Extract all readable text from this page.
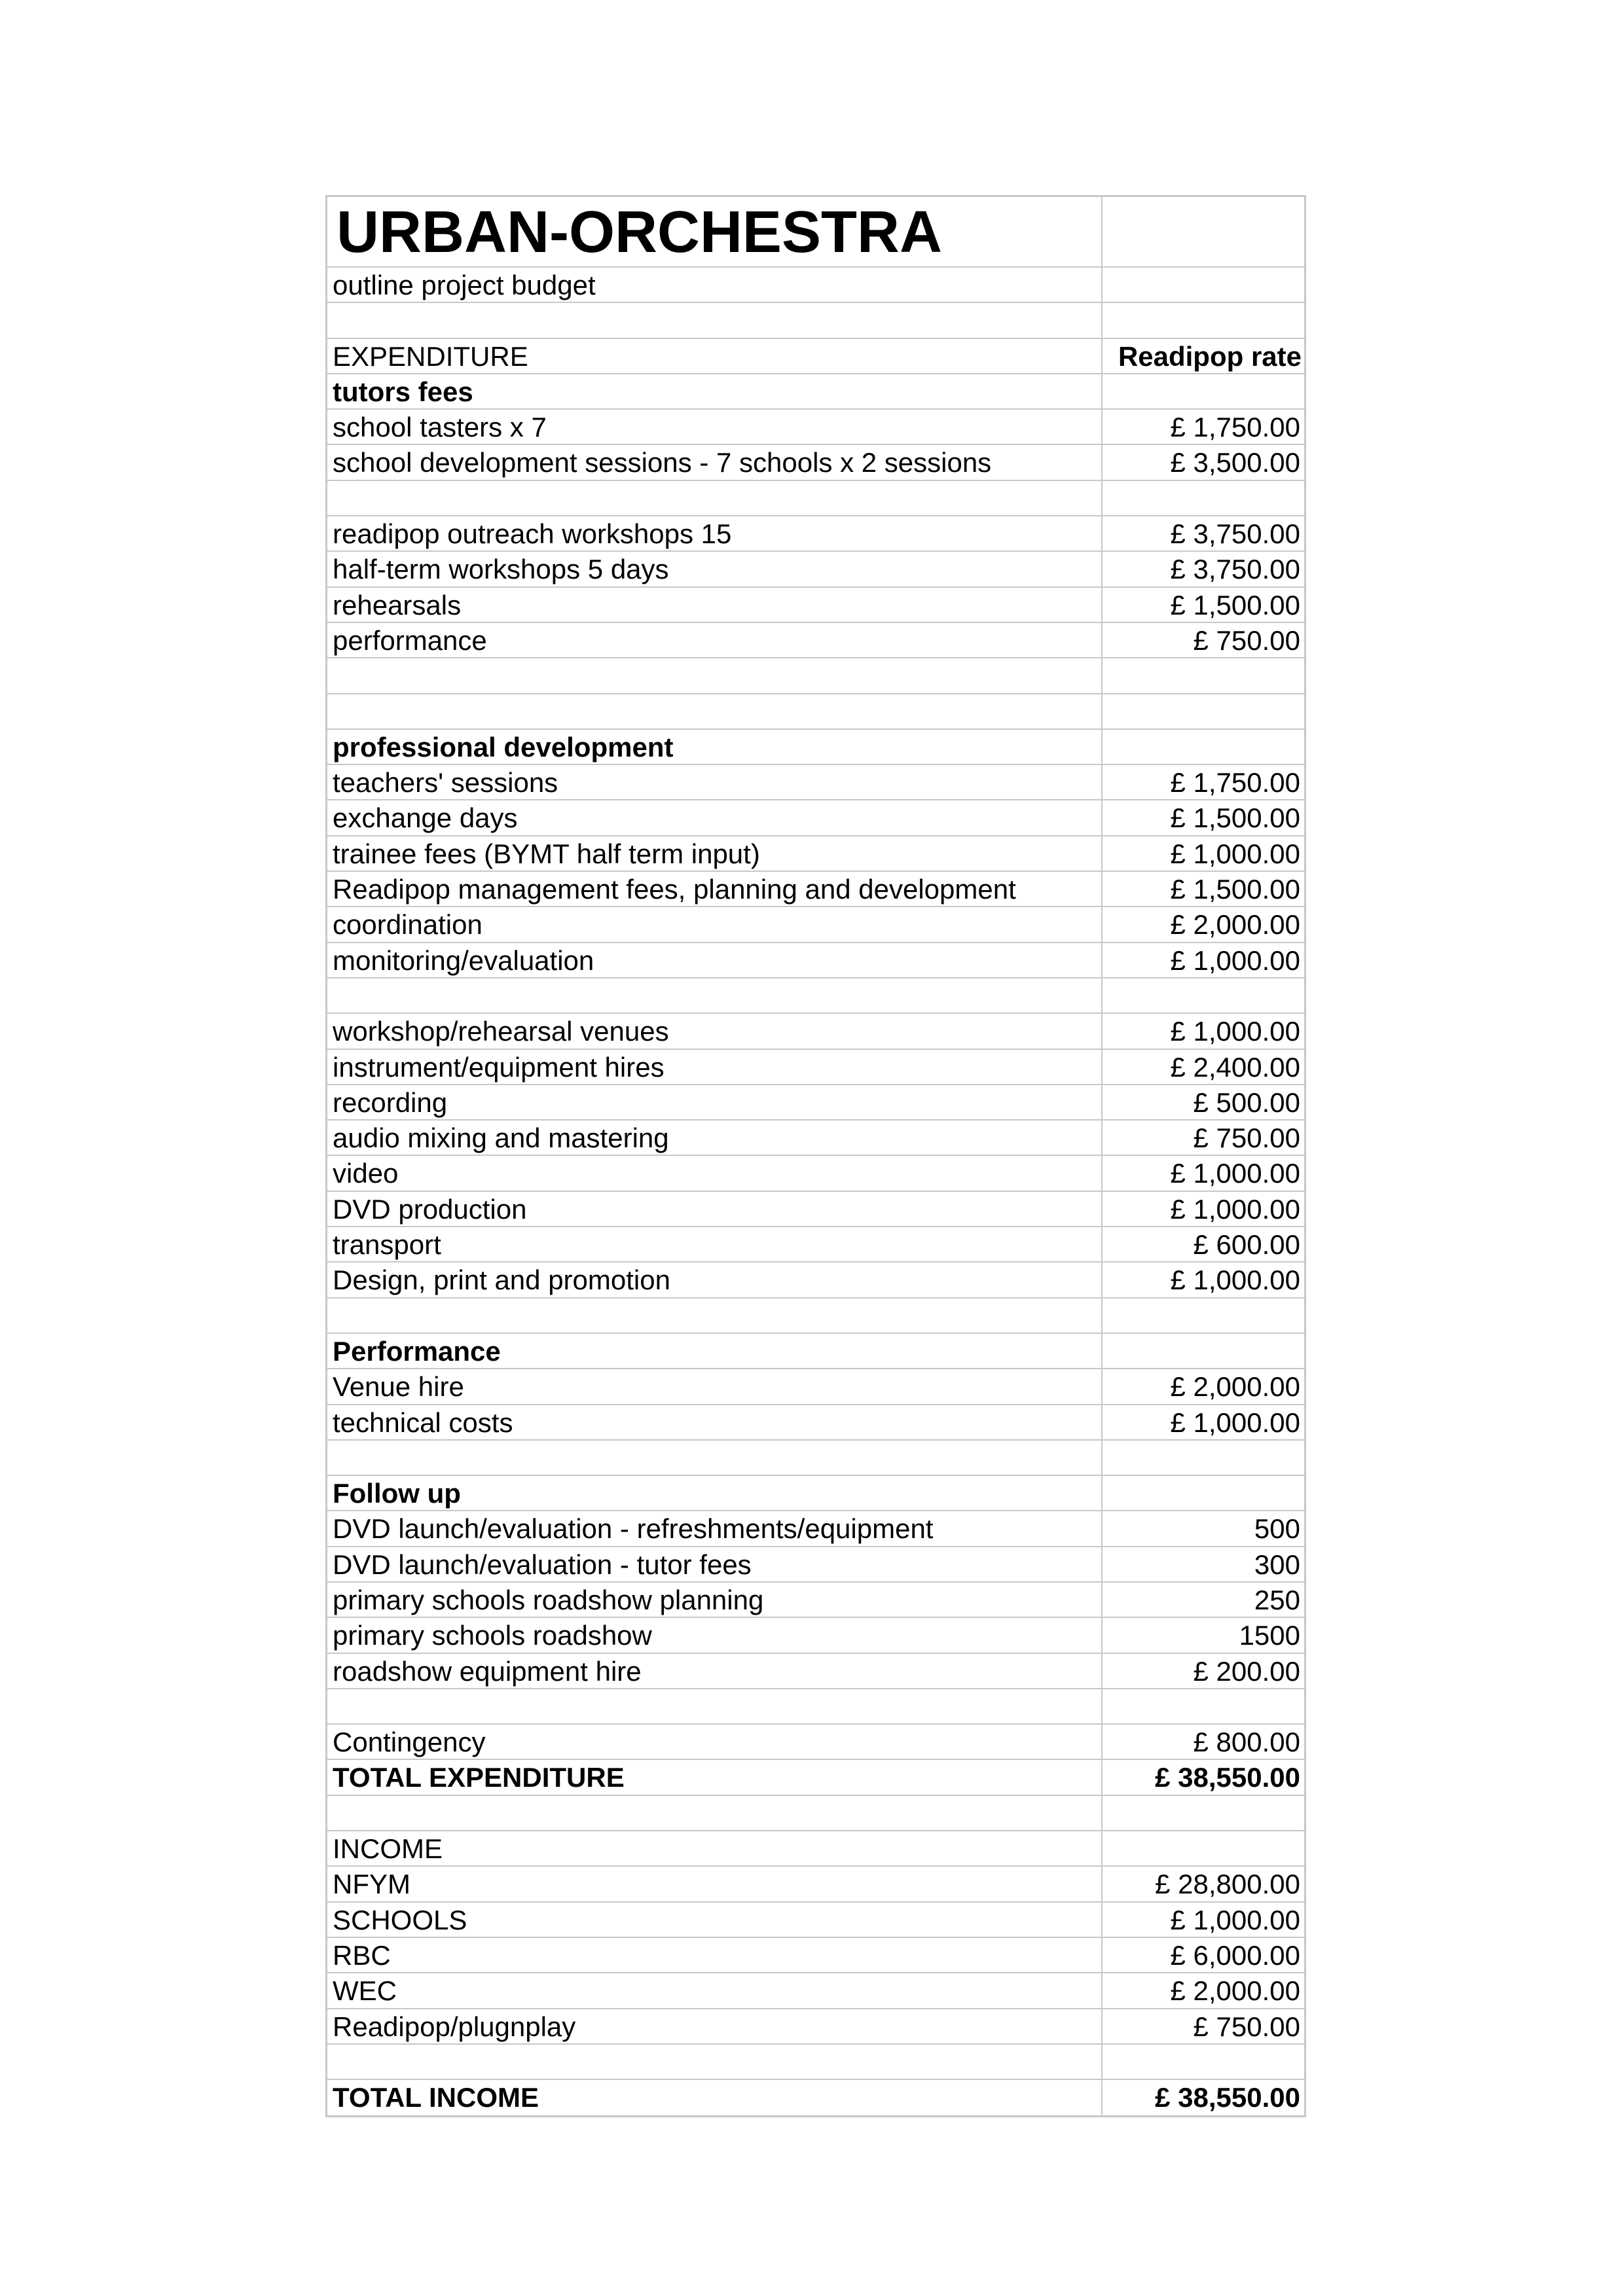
URBAN-ORCHESTRA
outline project budget
EXPENDITURE	Readipop rate
tutors fees
school tasters x 7	£ 1,750.00
school development sessions - 7 schools x 2 sessions	£ 3,500.00
readipop outreach workshops 15	£ 3,750.00
half-term workshops 5 days	£ 3,750.00
rehearsals	£ 1,500.00
performance	£ 750.00
professional development
teachers' sessions	£ 1,750.00
exchange days	£ 1,500.00
trainee fees (BYMT half term input)	£ 1,000.00
Readipop management fees, planning and development	£ 1,500.00
coordination	£ 2,000.00
monitoring/evaluation	£ 1,000.00
workshop/rehearsal venues	£ 1,000.00
instrument/equipment hires	£ 2,400.00
recording	£ 500.00
audio mixing and mastering	£ 750.00
video	£ 1,000.00
DVD production	£ 1,000.00
transport	£ 600.00
Design, print and promotion	£ 1,000.00
Performance
Venue hire	£ 2,000.00
technical costs	£ 1,000.00
Follow up
DVD launch/evaluation - refreshments/equipment	500
DVD launch/evaluation - tutor fees	300
primary schools roadshow planning	250
primary schools roadshow	1500
roadshow equipment hire	£ 200.00
Contingency	£ 800.00
TOTAL EXPENDITURE	£ 38,550.00
INCOME
NFYM	£ 28,800.00
SCHOOLS	£ 1,000.00
RBC	£ 6,000.00
WEC	£ 2,000.00
Readipop/plugnplay	£ 750.00
TOTAL INCOME	£ 38,550.00
